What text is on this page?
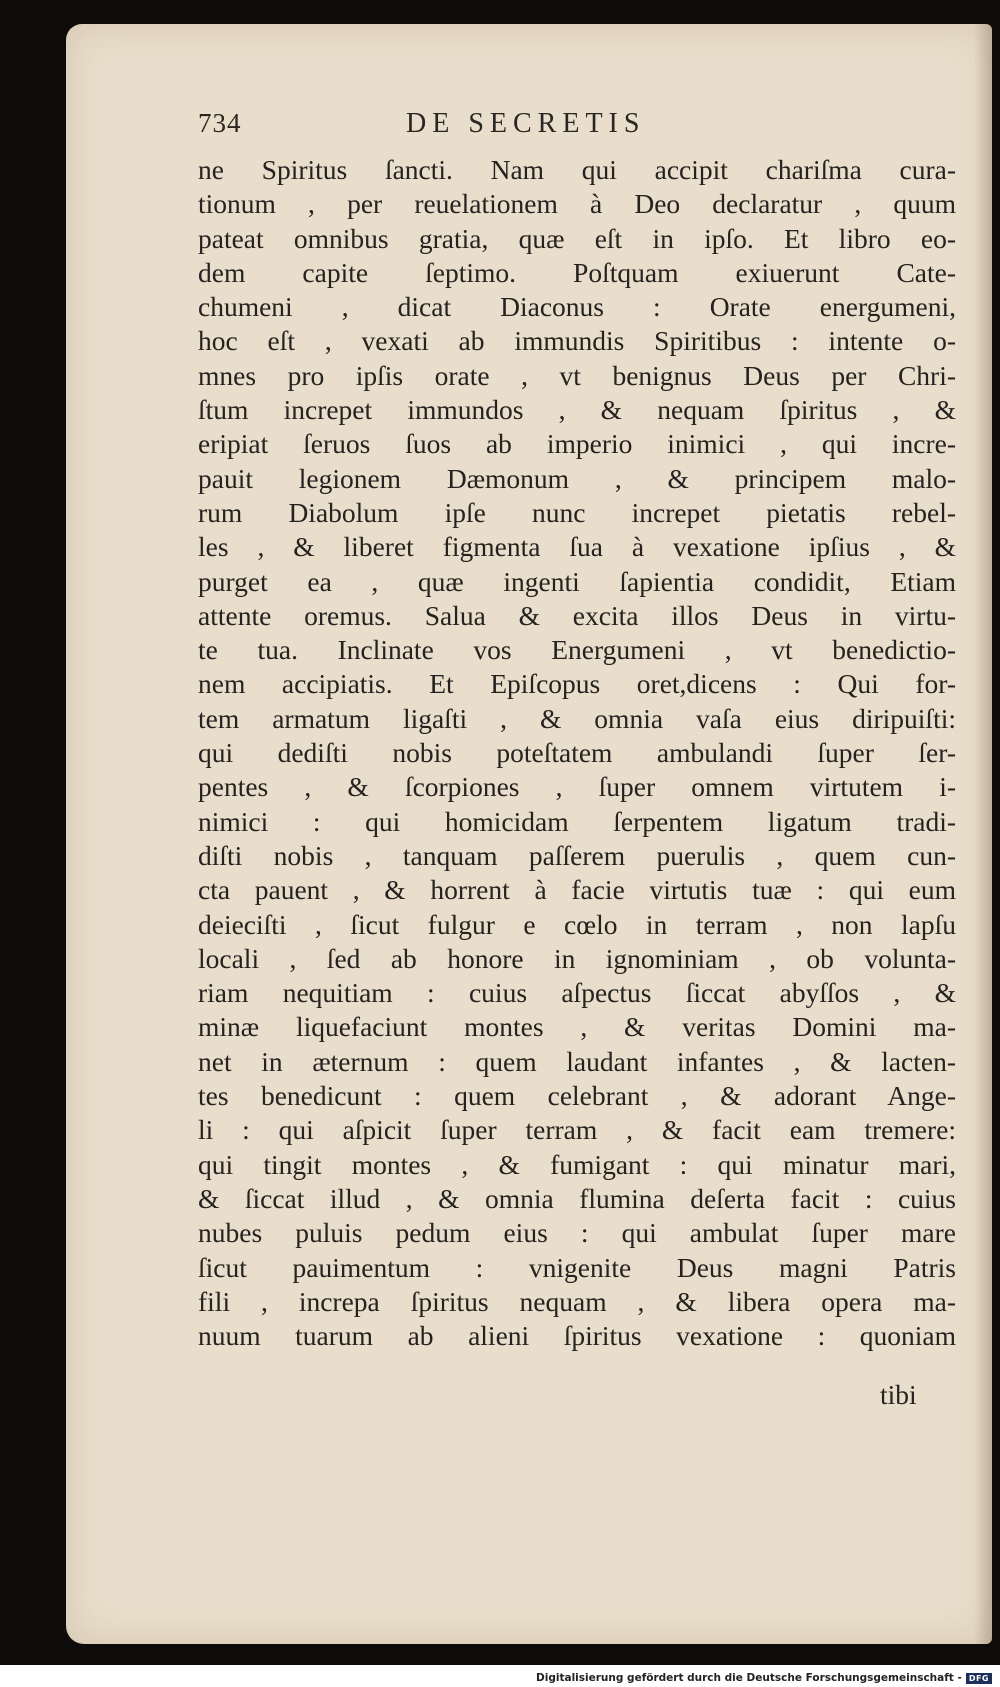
734	DE SECRETIS
ne Spiritus ſancti. Nam qui accipit chariſma cura-
tionum , per reuelationem à Deo declaratur , quum
pateat omnibus gratia, quæ eſt in ipſo. Et libro eo-
dem capite ſeptimo. Poſtquam exiuerunt Cate-
chumeni , dicat Diaconus : Orate energumeni,
hoc eſt , vexati ab immundis Spiritibus : intente o-
mnes pro ipſis orate , vt benignus Deus per Chri-
ſtum increpet immundos , & nequam ſpiritus , &
eripiat ſeruos ſuos ab imperio inimici , qui incre-
pauit legionem Dæmonum , & principem malo-
rum Diabolum ipſe nunc increpet pietatis rebel-
les , & liberet figmenta ſua à vexatione ipſius , &
purget ea , quæ ingenti ſapientia condidit, Etiam
attente oremus. Salua & excita illos Deus in virtu-
te tua. Inclinate vos Energumeni , vt benedictio-
nem accipiatis. Et Epiſcopus oret,dicens : Qui for-
tem armatum ligaſti , & omnia vaſa eius diripuiſti:
qui dediſti nobis poteſtatem ambulandi ſuper ſer-
pentes , & ſcorpiones , ſuper omnem virtutem i-
nimici : qui homicidam ſerpentem ligatum tradi-
diſti nobis , tanquam paſſerem puerulis , quem cun-
cta pauent , & horrent à facie virtutis tuæ : qui eum
deieciſti , ſicut fulgur e cœlo in terram , non lapſu
locali , ſed ab honore in ignominiam , ob volunta-
riam nequitiam : cuius aſpectus ſiccat abyſſos , &
minæ liquefaciunt montes , & veritas Domini ma-
net in æternum : quem laudant infantes , & lacten-
tes benedicunt : quem celebrant , & adorant Ange-
li : qui aſpicit ſuper terram , & facit eam tremere:
qui tingit montes , & fumigant : qui minatur mari,
& ſiccat illud , & omnia flumina deſerta facit : cuius
nubes puluis pedum eius : qui ambulat ſuper mare
ſicut pauimentum : vnigenite Deus magni Patris
fili , increpa ſpiritus nequam , & libera opera ma-
nuum tuarum ab alieni ſpiritus vexatione : quoniam
tibi
Digitalisierung gefördert durch die Deutsche Forschungsgemeinschaft - DFG
